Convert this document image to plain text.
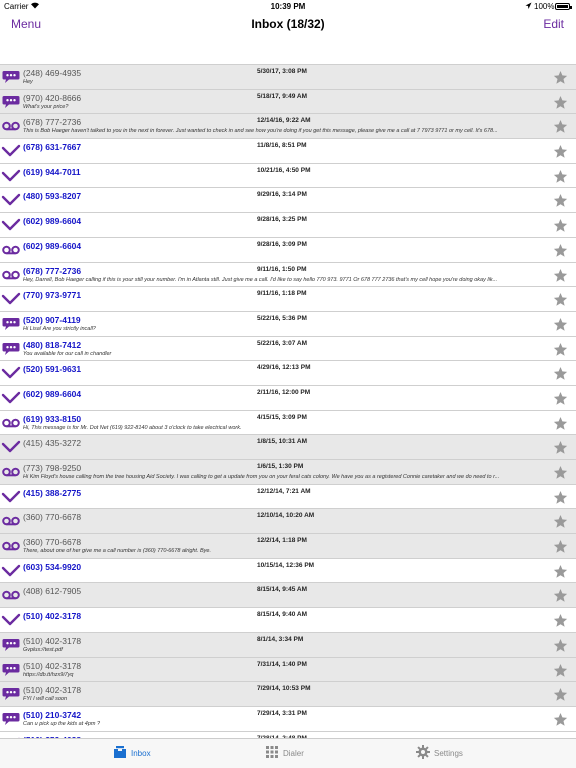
Carrier	10:39 PM	100%
Menu	Inbox (18/32)	Edit
(248) 469-4935	5/30/17, 3:08 PM
Hey
(970) 420-8666	5/18/17, 9:49 AM
What's your price?
(678) 777-2736	12/14/16, 9:22 AM
This is Bob Haeger haven't talked to you in the next in forever. Just wanted to check in and see how you're doing if you get this message, please give me a call at 7 7973 9771 or my cell. It's 678...
(678) 631-7667	11/8/16, 8:51 PM
(619) 944-7011	10/21/16, 4:50 PM
(480) 593-8207	9/29/16, 3:14 PM
(602) 989-6604	9/28/16, 3:25 PM
(602) 989-6604	9/28/16, 3:09 PM
(678) 777-2736	9/11/16, 1:50 PM
Hey, Darrell, Bob Haeger calling if this is your still your number. I'm in Atlanta still. Just give me a call. I'd like to say hello 770 973. 9771 Or 678 777 2736 that's my cell hope you're doing okay lik...
(770) 973-9771	9/11/16, 1:18 PM
(520) 907-4119	5/22/16, 5:36 PM
Hi Lisa! Are you strictly incall?
(480) 818-7412	5/22/16, 3:07 AM
You available for our call in chandler
(520) 591-9631	4/29/16, 12:13 PM
(602) 989-6604	2/11/16, 12:00 PM
(619) 933-8150	4/15/15, 3:09 PM
Hi, This message is for Mr. Dot Net (619) 922-8140 about 3 o'clock to take electrical work.
(415) 435-3272	1/8/15, 10:31 AM
(773) 798-9250	1/6/15, 1:30 PM
Hi Kim Floyd's house calling from the tree housing Aid Society. I was calling to get a update from you on your feral cats colony. We have you as a registered Connie caretaker and we do need to r...
(415) 388-2775	12/12/14, 7:21 AM
(360) 770-6678	12/10/14, 10:20 AM
(360) 770-6678	12/2/14, 1:18 PM
There, about one of her give me a call number is (360) 770-6678 alright. Bye.
(603) 534-9920	10/15/14, 12:36 PM
(408) 612-7905	8/15/14, 9:45 AM
(510) 402-3178	8/15/14, 9:40 AM
(510) 402-3178	8/1/14, 3:34 PM
Gvplus://test.pdf
(510) 402-3178	7/31/14, 1:40 PM
https://db.tt/hzx9i7yq
(510) 402-3178	7/29/14, 10:53 PM
FYI I will call soon
(510) 210-3742	7/29/14, 3:31 PM
Can u pick up the kids at 4pm ?
Inbox	Dialer	Settings
